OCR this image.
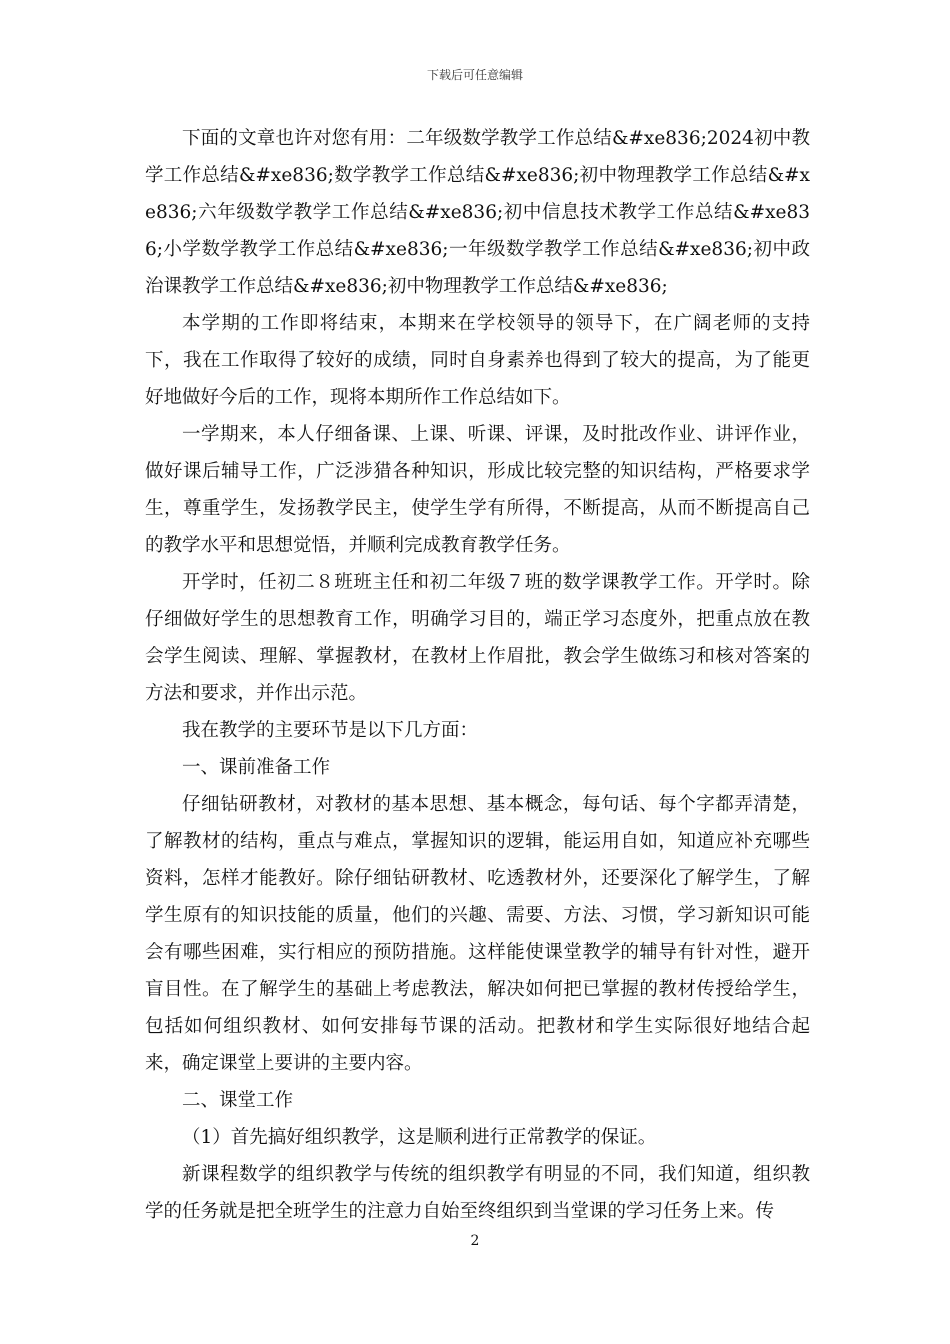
下载后可任意编辑

下面的文章也许对您有用：二年级数学教学工作总结&#xe836;2024初中教学工作总结&#xe836;数学教学工作总结&#xe836;初中物理教学工作总结&#xe836;六年级数学教学工作总结&#xe836;初中信息技术教学工作总结&#xe836;小学数学教学工作总结&#xe836;一年级数学教学工作总结&#xe836;初中政治课教学工作总结&#xe836;初中物理教学工作总结&#xe836;

本学期的工作即将结束，本期来在学校领导的领导下，在广阔老师的支持下，我在工作取得了较好的成绩，同时自身素养也得到了较大的提高，为了能更好地做好今后的工作，现将本期所作工作总结如下。

一学期来，本人仔细备课、上课、听课、评课，及时批改作业、讲评作业，做好课后辅导工作，广泛涉猎各种知识，形成比较完整的知识结构，严格要求学生，尊重学生，发扬教学民主，使学生学有所得，不断提高，从而不断提高自己的教学水平和思想觉悟，并顺利完成教育教学任务。

开学时，任初二８班班主任和初二年级７班的数学课教学工作。开学时。除仔细做好学生的思想教育工作，明确学习目的，端正学习态度外，把重点放在教会学生阅读、理解、掌握教材，在教材上作眉批，教会学生做练习和核对答案的方法和要求，并作出示范。

我在教学的主要环节是以下几方面：

一、课前准备工作

仔细钻研教材，对教材的基本思想、基本概念，每句话、每个字都弄清楚，了解教材的结构，重点与难点，掌握知识的逻辑，能运用自如，知道应补充哪些资料，怎样才能教好。除仔细钻研教材、吃透教材外，还要深化了解学生，了解学生原有的知识技能的质量，他们的兴趣、需要、方法、习惯，学习新知识可能会有哪些困难，实行相应的预防措施。这样能使课堂教学的辅导有针对性，避开盲目性。在了解学生的基础上考虑教法，解决如何把已掌握的教材传授给学生，包括如何组织教材、如何安排每节课的活动。把教材和学生实际很好地结合起来，确定课堂上要讲的主要内容。

二、课堂工作

（1）首先搞好组织教学，这是顺利进行正常教学的保证。

新课程数学的组织教学与传统的组织教学有明显的不同，我们知道，组织教学的任务就是把全班学生的注意力自始至终组织到当堂课的学习任务上来。传

2
